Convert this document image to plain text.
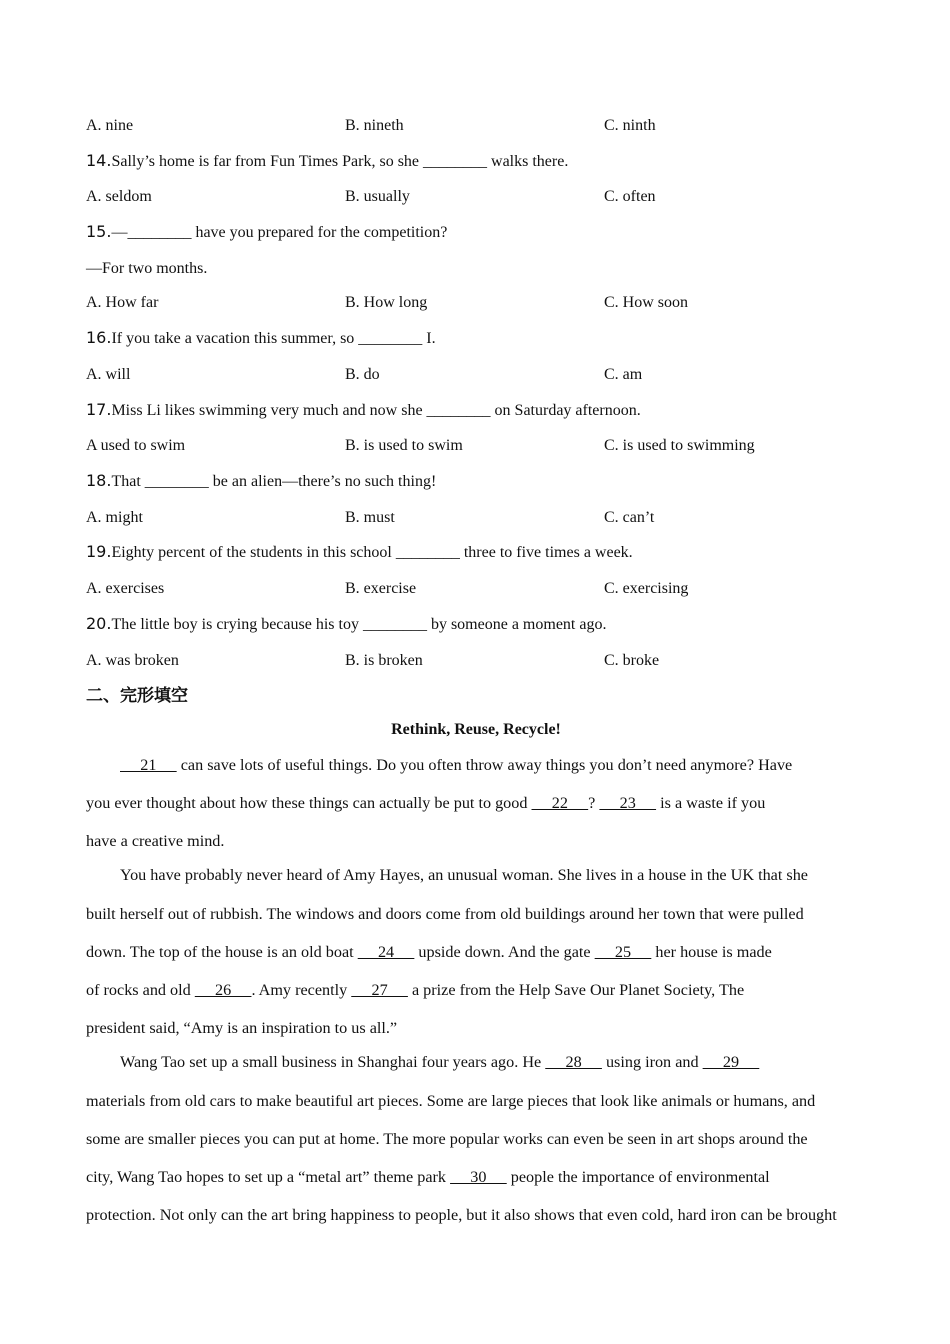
A. nine	B. nineth	C. ninth
14.Sally’s home is far from Fun Times Park, so she ________ walks there.
A. seldom	B. usually	C. often
15.—________ have you prepared for the competition?
—For two months.
A. How far	B. How long	C. How soon
16.If you take a vacation this summer, so ________ I.
A. will	B. do	C. am
17.Miss Li likes swimming very much and now she ________ on Saturday afternoon.
A used to swim	B. is used to swim	C. is used to swimming
18.That ________ be an alien—there’s no such thing!
A. might	B. must	C. can’t
19.Eighty percent of the students in this school ________ three to five times a week.
A. exercises	B. exercise	C. exercising
20.The little boy is crying because his toy ________ by someone a moment ago.
A. was broken	B. is broken	C. broke
二、完形填空
Rethink, Reuse, Recycle!
21      can save lots of useful things. Do you often throw away things you don’t need anymore? Have
you ever thought about how these things can actually be put to good      22     ?      23      is a waste if you
have a creative mind.
You have probably never heard of Amy Hayes, an unusual woman. She lives in a house in the UK that she
built herself out of rubbish. The windows and doors come from old buildings around her town that were pulled
down. The top of the house is an old boat      24      upside down. And the gate      25      her house is made
of rocks and old      26     . Amy recently      27      a prize from the Help Save Our Planet Society, The
president said, “Amy is an inspiration to us all.”
Wang Tao set up a small business in Shanghai four years ago. He      28      using iron and      29
materials from old cars to make beautiful art pieces. Some are large pieces that look like animals or humans, and
some are smaller pieces you can put at home. The more popular works can even be seen in art shops around the
city, Wang Tao hopes to set up a “metal art” theme park      30      people the importance of environmental
protection. Not only can the art bring happiness to people, but it also shows that even cold, hard iron can be brought
